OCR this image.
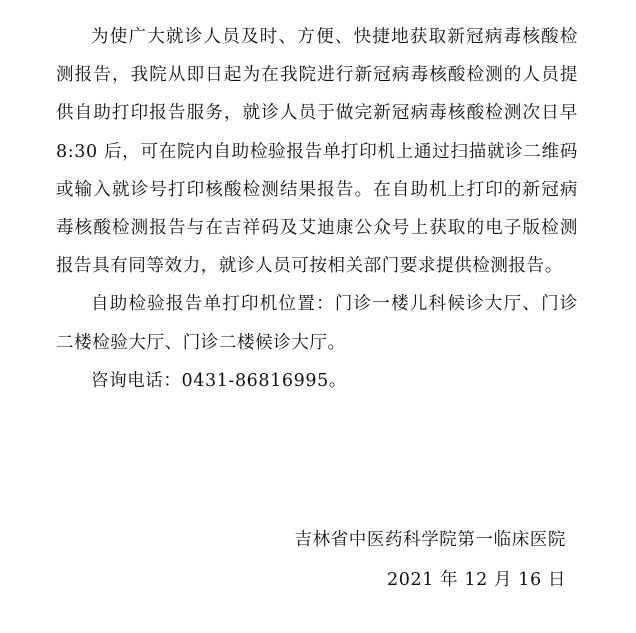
为使广大就诊人员及时、方便、快捷地获取新冠病毒核酸检测报告，我院从即日起为在我院进行新冠病毒核酸检测的人员提供自助打印报告服务，就诊人员于做完新冠病毒核酸检测次日早 8:30 后，可在院内自助检验报告单打印机上通过扫描就诊二维码或输入就诊号打印核酸检测结果报告。在自助机上打印的新冠病毒核酸检测报告与在吉祥码及艾迪康公众号上获取的电子版检测报告具有同等效力，就诊人员可按相关部门要求提供检测报告。

自助检验报告单打印机位置：门诊一楼儿科候诊大厅、门诊二楼检验大厅、门诊二楼候诊大厅。

咨询电话：0431-86816995。

吉林省中医药科学院第一临床医院

2021 年 12 月 16 日
